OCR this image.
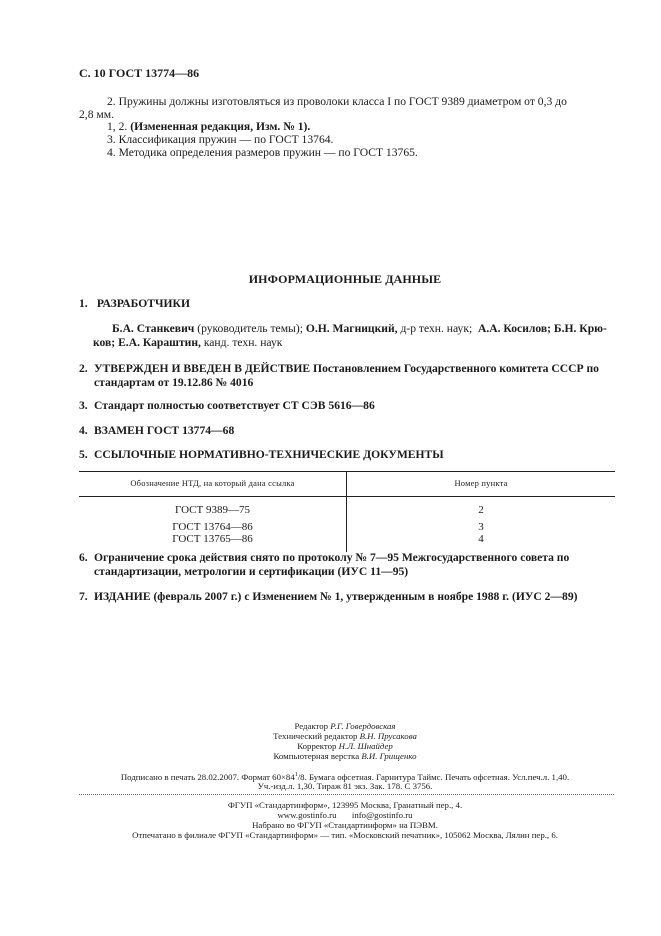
С. 10 ГОСТ 13774—86
2. Пружины должны изготовляться из проволоки класса I по ГОСТ 9389 диаметром от 0,3 до
2,8 мм.
1, 2. (Измененная редакция, Изм. № 1).
3. Классификация пружин — по ГОСТ 13764.
4. Методика определения размеров пружин — по ГОСТ 13765.
ИНФОРМАЦИОННЫЕ ДАННЫЕ
1. РАЗРАБОТЧИКИ
Б.А. Станкевич (руководитель темы); О.Н. Магницкий, д-р техн. наук; А.А. Косилов; Б.Н. Крю-
ков; Е.А. Караштин, канд. техн. наук
2. УТВЕРЖДЕН И ВВЕДЕН В ДЕЙСТВИЕ Постановлением Государственного комитета СССР по
стандартам от 19.12.86 № 4016
3. Стандарт полностью соответствует СТ СЭВ 5616—86
4. ВЗАМЕН ГОСТ 13774—68
5. ССЫЛОЧНЫЕ НОРМАТИВНО-ТЕХНИЧЕСКИЕ ДОКУМЕНТЫ
Обозначение НТД, на который дана ссылка	Номер пункта
ГОСТ 9389—75	2
ГОСТ 13764—86	3
ГОСТ 13765—86	4
6. Ограничение срока действия снято по протоколу № 7—95 Межгосударственного совета по
стандартизации, метрологии и сертификации (ИУС 11—95)
7. ИЗДАНИЕ (февраль 2007 г.) с Изменением № 1, утвержденным в ноябре 1988 г. (ИУС 2—89)
Редактор Р.Г. Говердовская
Технический редактор В.Н. Прусакова
Корректор Н.Л. Шнайдер
Компьютерная верстка В.И. Грищенко
Подписано в печать 28.02.2007. Формат $60\times 84^1/8$. Бумага офсетная. Гарнитура Таймс. Печать офсетная. Усл.печ.л. 1,40.
Уч.-изд.л. 1,30. Тираж 81 экз. Зак. 178. С 3756.
ФГУП «Стандартинформ», 123995 Москва, Гранатный пер., 4.
www.gostinfo.ru info@gostinfo.ru
Набрано во ФГУП «Стандартинформ» на ПЭВМ.
Отпечатано в филиале ФГУП «Стандартинформ» — тип. «Московский печатник», 105062 Москва, Лялин пер., 6.
